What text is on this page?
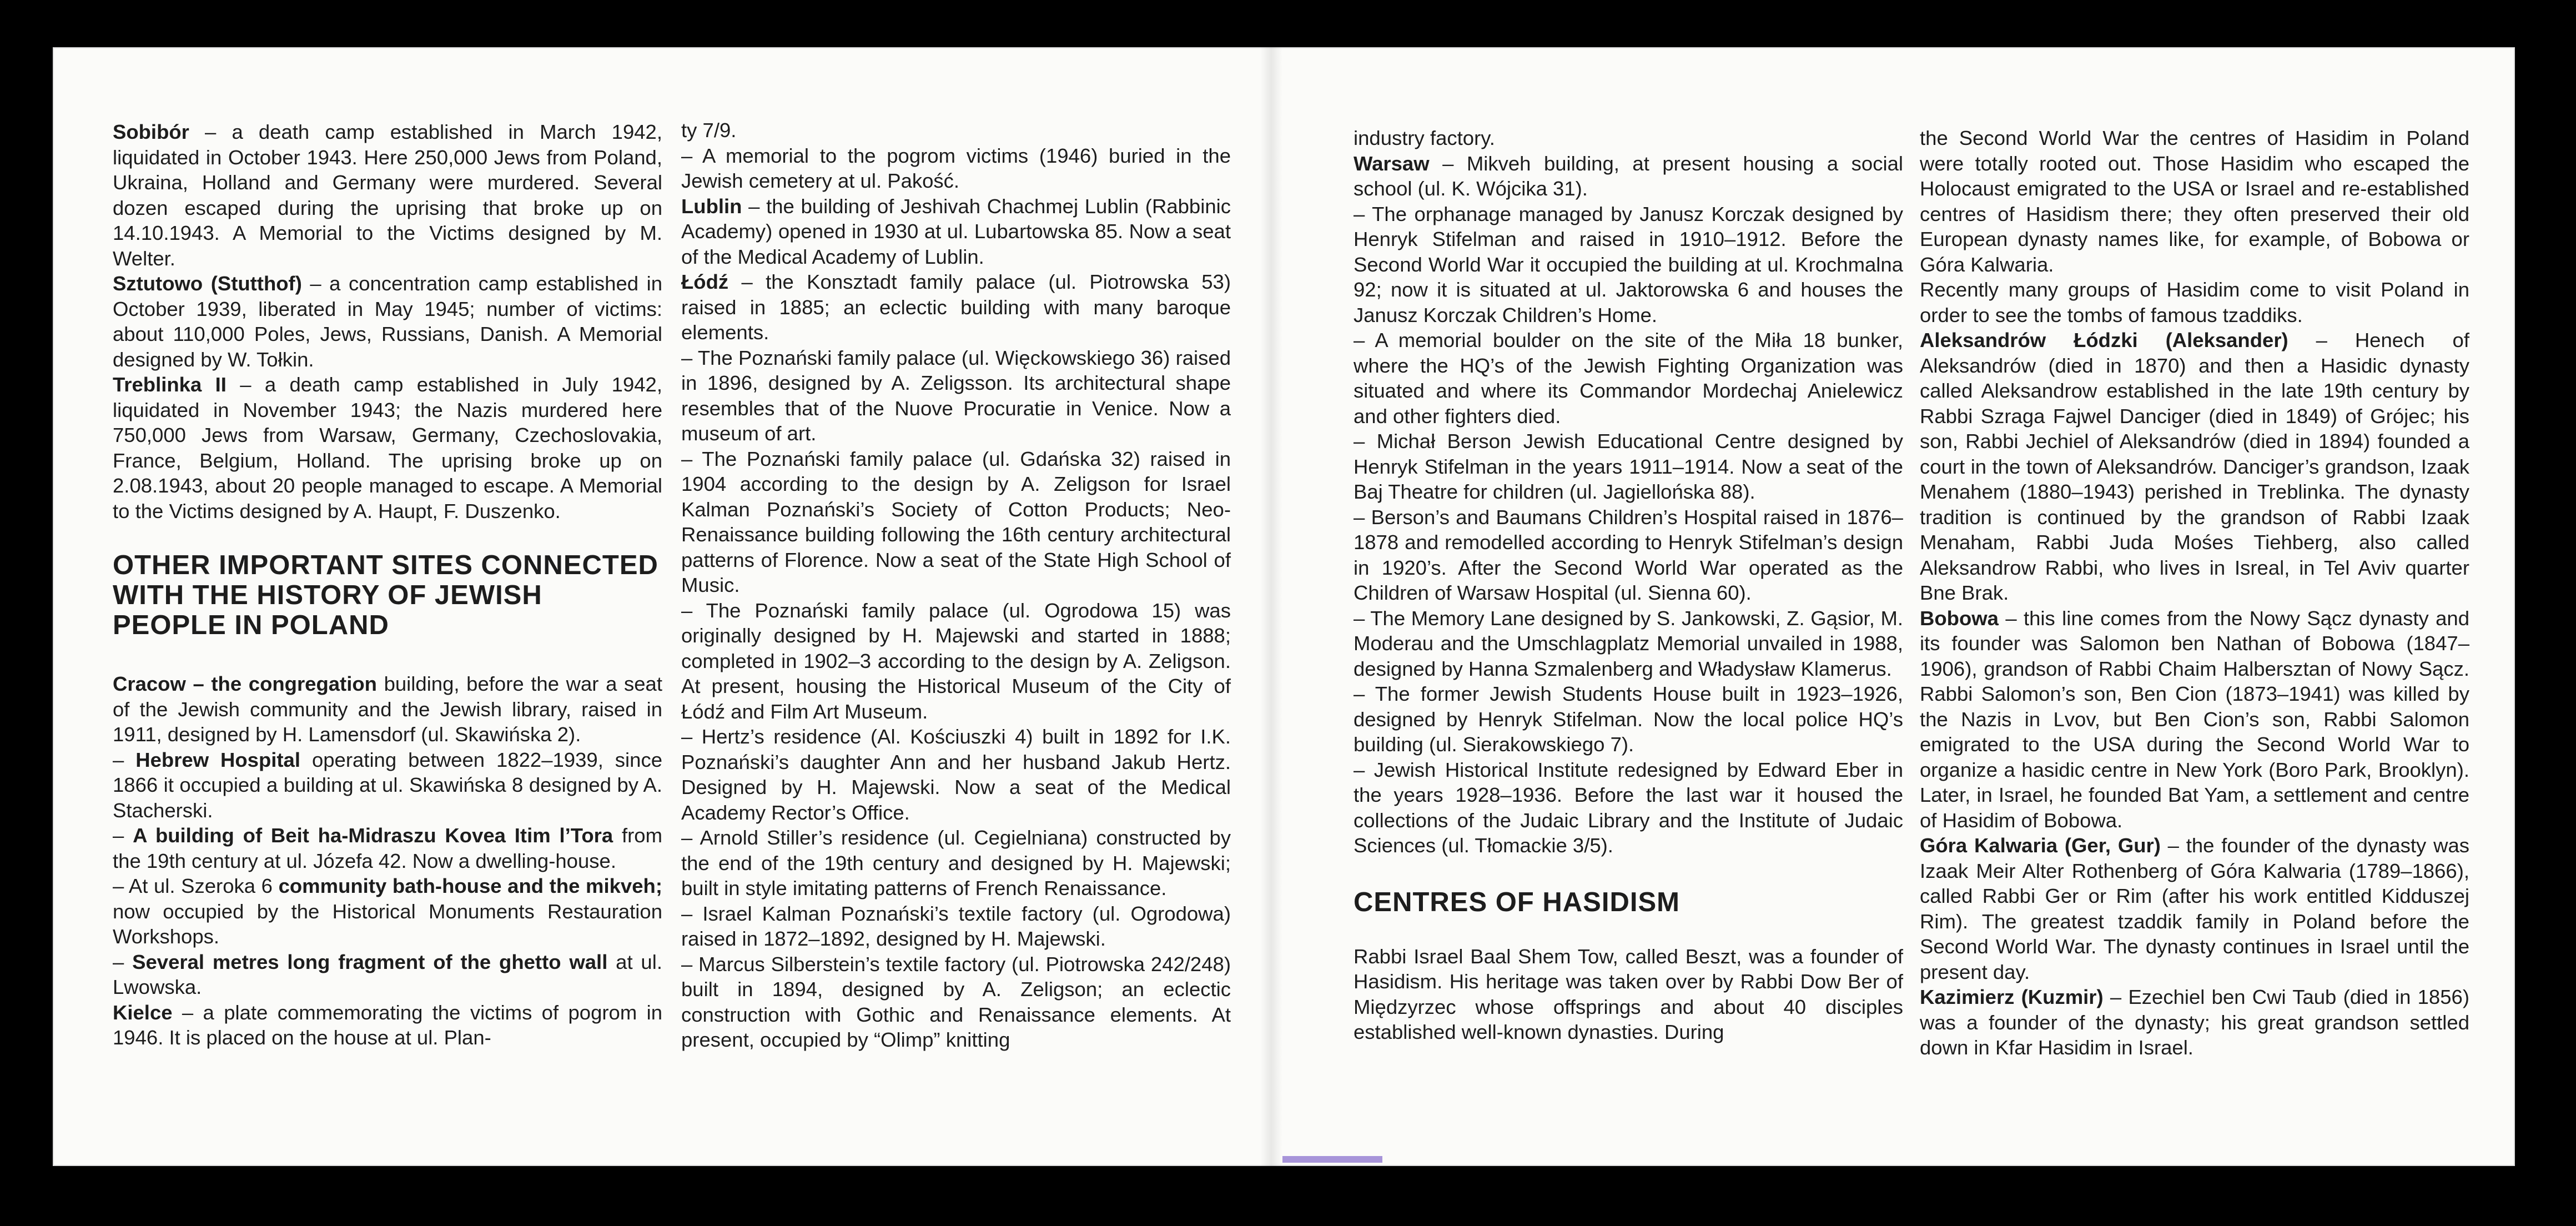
Sobibór – a death camp established in March 1942, liquidated in October 1943. Here 250,000 Jews from Poland, Ukraina, Holland and Germany were murdered. Several dozen escaped during the uprising that broke up on 14.10.1943. A Memorial to the Victims designed by M. Welter.

Sztutowo (Stutthof) – a concentration camp established in October 1939, liberated in May 1945; number of victims: about 110,000 Poles, Jews, Russians, Danish. A Memorial designed by W. Tołkin.

Treblinka II – a death camp established in July 1942, liquidated in November 1943; the Nazis murdered here 750,000 Jews from Warsaw, Germany, Czechoslovakia, France, Belgium, Holland. The uprising broke up on 2.08.1943, about 20 people managed to escape. A Memorial to the Victims designed by A. Haupt, F. Duszenko.

OTHER IMPORTANT SITES CONNECTED WITH THE HISTORY OF JEWISH PEOPLE IN POLAND

Cracow – the congregation building, before the war a seat of the Jewish community and the Jewish library, raised in 1911, designed by H. Lamensdorf (ul. Skawińska 2).

– Hebrew Hospital operating between 1822–1939, since 1866 it occupied a building at ul. Skawińska 8 designed by A. Stacherski.

– A building of Beit ha-Midraszu Kovea Itim l’Tora from the 19th century at ul. Józefa 42. Now a dwelling-house.

– At ul. Szeroka 6 community bath-house and the mikveh; now occupied by the Historical Monuments Restauration Workshops.

– Several metres long fragment of the ghetto wall at ul. Lwowska.

Kielce – a plate commemorating the victims of pogrom in 1946. It is placed on the house at ul. Plan-

ty 7/9.

– A memorial to the pogrom victims (1946) buried in the Jewish cemetery at ul. Pakość.

Lublin – the building of Jeshivah Chachmej Lublin (Rabbinic Academy) opened in 1930 at ul. Lubartowska 85. Now a seat of the Medical Academy of Lublin.

Łódź – the Konsztadt family palace (ul. Piotrowska 53) raised in 1885; an eclectic building with many baroque elements.

– The Poznański family palace (ul. Więckowskiego 36) raised in 1896, designed by A. Zeligsson. Its architectural shape resembles that of the Nuove Procuratie in Venice. Now a museum of art.

– The Poznański family palace (ul. Gdańska 32) raised in 1904 according to the design by A. Zeligson for Israel Kalman Poznański’s Society of Cotton Products; Neo-Renaissance building following the 16th century architectural patterns of Florence. Now a seat of the State High School of Music.

– The Poznański family palace (ul. Ogrodowa 15) was originally designed by H. Majewski and started in 1888; completed in 1902–3 according to the design by A. Zeligson. At present, housing the Historical Museum of the City of Łódź and Film Art Museum.

– Hertz’s residence (Al. Kościuszki 4) built in 1892 for I.K. Poznański’s daughter Ann and her husband Jakub Hertz. Designed by H. Majewski. Now a seat of the Medical Academy Rector’s Office.

– Arnold Stiller’s residence (ul. Cegielniana) constructed by the end of the 19th century and designed by H. Majewski; built in style imitating patterns of French Renaissance.

– Israel Kalman Poznański’s textile factory (ul. Ogrodowa) raised in 1872–1892, designed by H. Majewski.

– Marcus Silberstein’s textile factory (ul. Piotrowska 242/248) built in 1894, designed by A. Zeligson; an eclectic construction with Gothic and Renaissance elements. At present, occupied by “Olimp” knitting

industry factory.

Warsaw – Mikveh building, at present housing a social school (ul. K. Wójcika 31).

– The orphanage managed by Janusz Korczak designed by Henryk Stifelman and raised in 1910–1912. Before the Second World War it occupied the building at ul. Krochmalna 92; now it is situated at ul. Jaktorowska 6 and houses the Janusz Korczak Children’s Home.

– A memorial boulder on the site of the Miła 18 bunker, where the HQ’s of the Jewish Fighting Organization was situated and where its Commandor Mordechaj Anielewicz and other fighters died.

– Michał Berson Jewish Educational Centre designed by Henryk Stifelman in the years 1911–1914. Now a seat of the Baj Theatre for children (ul. Jagiellońska 88).

– Berson’s and Baumans Children’s Hospital raised in 1876–1878 and remodelled according to Henryk Stifelman’s design in 1920’s. After the Second World War operated as the Children of Warsaw Hospital (ul. Sienna 60).

– The Memory Lane designed by S. Jankowski, Z. Gąsior, M. Moderau and the Umschlagplatz Memorial unvailed in 1988, designed by Hanna Szmalenberg and Władysław Klamerus.

– The former Jewish Students House built in 1923–1926, designed by Henryk Stifelman. Now the local police HQ’s building (ul. Sierakowskiego 7).

– Jewish Historical Institute redesigned by Edward Eber in the years 1928–1936. Before the last war it housed the collections of the Judaic Library and the Institute of Judaic Sciences (ul. Tłomackie 3/5).

CENTRES OF HASIDISM

Rabbi Israel Baal Shem Tow, called Beszt, was a founder of Hasidism. His heritage was taken over by Rabbi Dow Ber of Międzyrzec whose offsprings and about 40 disciples established well-known dynasties. During

the Second World War the centres of Hasidim in Poland were totally rooted out. Those Hasidim who escaped the Holocaust emigrated to the USA or Israel and re-established centres of Hasidism there; they often preserved their old European dynasty names like, for example, of Bobowa or Góra Kalwaria.

Recently many groups of Hasidim come to visit Poland in order to see the tombs of famous tzaddiks.

Aleksandrów Łódzki (Aleksander) – Henech of Aleksandrów (died in 1870) and then a Hasidic dynasty called Aleksandrow established in the late 19th century by Rabbi Szraga Fajwel Danciger (died in 1849) of Grójec; his son, Rabbi Jechiel of Aleksandrów (died in 1894) founded a court in the town of Aleksandrów. Danciger’s grandson, Izaak Menahem (1880–1943) perished in Treblinka. The dynasty tradition is continued by the grandson of Rabbi Izaak Menaham, Rabbi Juda Mośes Tiehberg, also called Aleksandrow Rabbi, who lives in Isreal, in Tel Aviv quarter Bne Brak.

Bobowa – this line comes from the Nowy Sącz dynasty and its founder was Salomon ben Nathan of Bobowa (1847–1906), grandson of Rabbi Chaim Halbersztan of Nowy Sącz. Rabbi Salomon’s son, Ben Cion (1873–1941) was killed by the Nazis in Lvov, but Ben Cion’s son, Rabbi Salomon emigrated to the USA during the Second World War to organize a hasidic centre in New York (Boro Park, Brooklyn). Later, in Israel, he founded Bat Yam, a settlement and centre of Hasidim of Bobowa.

Góra Kalwaria (Ger, Gur) – the founder of the dynasty was Izaak Meir Alter Rothenberg of Góra Kalwaria (1789–1866), called Rabbi Ger or Rim (after his work entitled Kidduszej Rim). The greatest tzaddik family in Poland before the Second World War. The dynasty continues in Israel until the present day.

Kazimierz (Kuzmir) – Ezechiel ben Cwi Taub (died in 1856) was a founder of the dynasty; his great grandson settled down in Kfar Hasidim in Israel.
